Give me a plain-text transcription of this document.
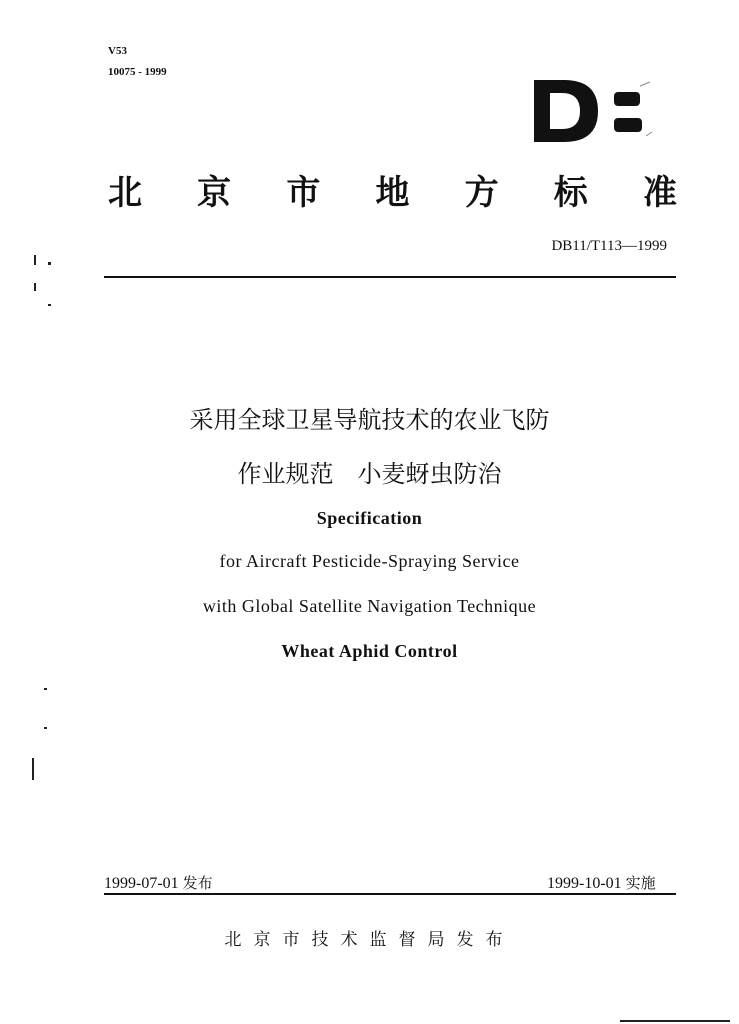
V53
10075 - 1999
北 京 市 地 方 标 准
DB11/T113—1999
采用全球卫星导航技术的农业飞防
作业规范　小麦蚜虫防治
Specification
for Aircraft Pesticide-Spraying Service
with Global Satellite Navigation Technique
Wheat Aphid Control
1999-07-01 发布	1999-10-01 实施
北京市技术监督局发布
